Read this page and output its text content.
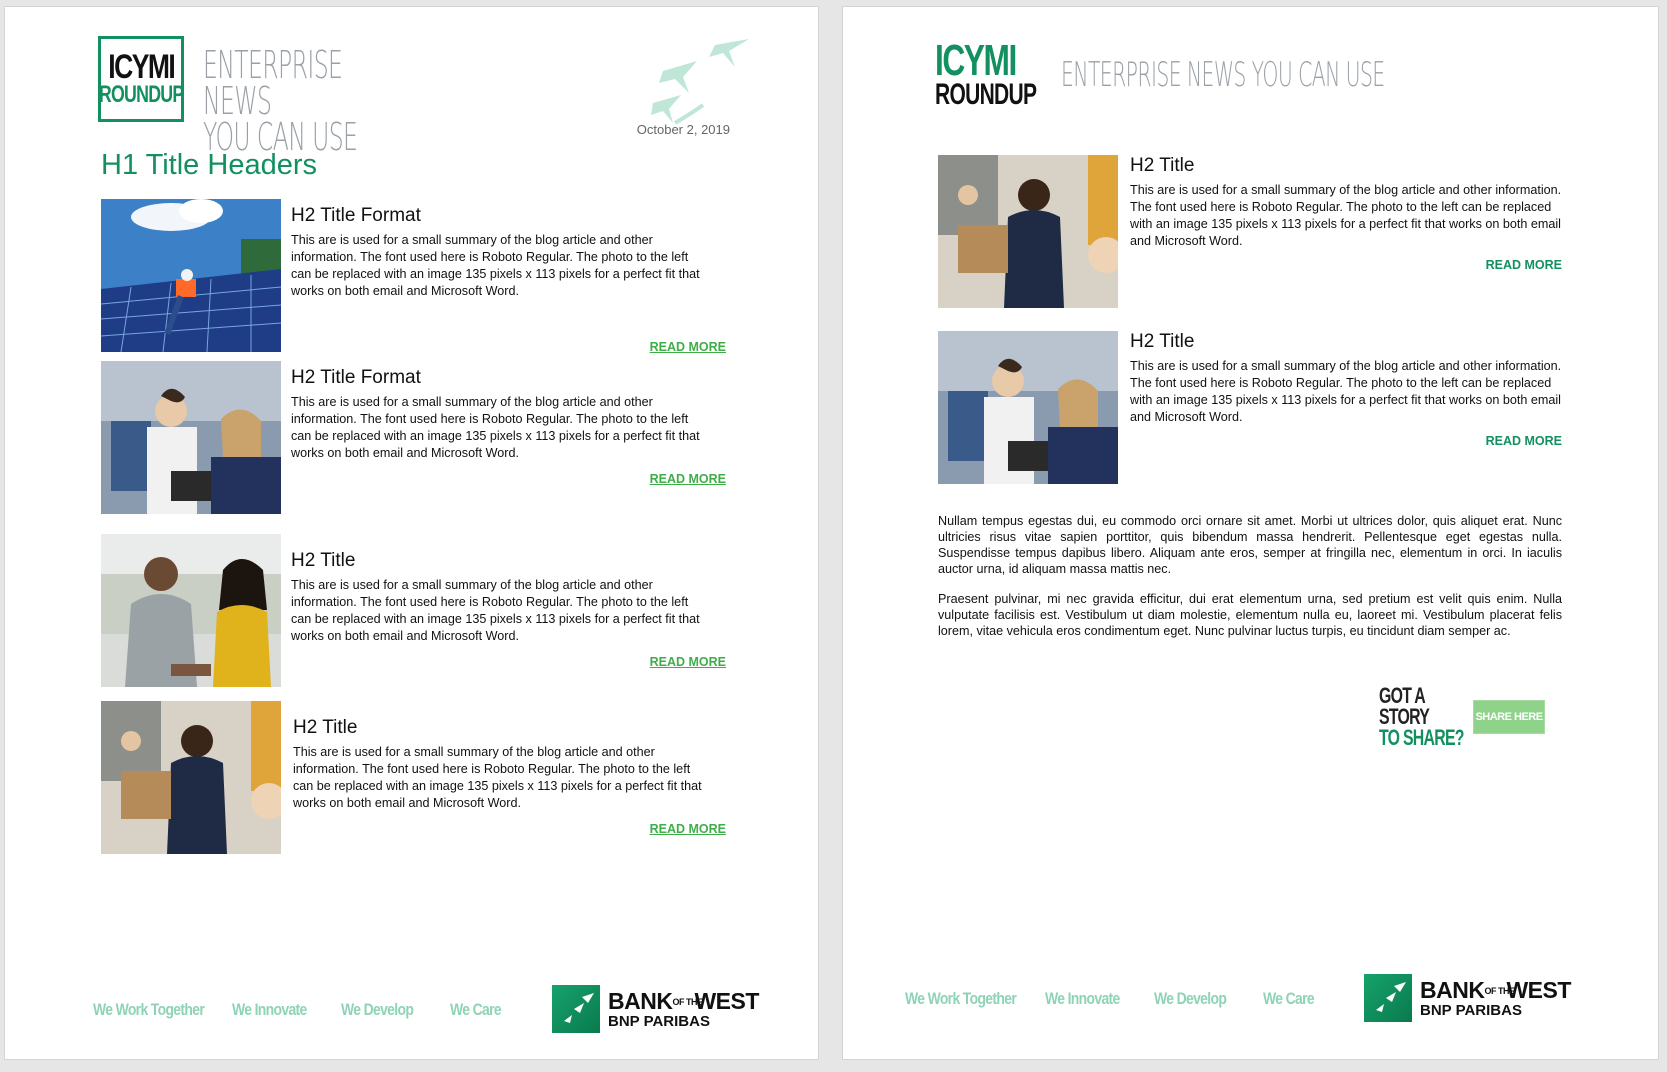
ICYMI
ROUNDUP
ENTERPRISE NEWS
YOU CAN USE	October 2, 2019
H1 Title Headers
H2 Title Format
This are is used for a small summary of the blog article and other information. The font used here is Roboto Regular. The photo to the left can be replaced with an image 135 pixels x 113 pixels for a perfect fit that works on both email and Microsoft Word.
READ MORE
H2 Title Format
This are is used for a small summary of the blog article and other information. The font used here is Roboto Regular. The photo to the left can be replaced with an image 135 pixels x 113 pixels for a perfect fit that works on both email and Microsoft Word.
READ MORE
H2 Title
This are is used for a small summary of the blog article and other information. The font used here is Roboto Regular. The photo to the left can be replaced with an image 135 pixels x 113 pixels for a perfect fit that works on both email and Microsoft Word.
READ MORE
H2 Title
This are is used for a small summary of the blog article and other information. The font used here is Roboto Regular. The photo to the left can be replaced with an image 135 pixels x 113 pixels for a perfect fit that works on both email and Microsoft Word.
READ MORE
We Work Together We Innovate	We Develop	We Care	BANKOF THEWEST
BNP PARIBAS
ICYMI
ROUNDUP ENTERPRISE NEWS YOU CAN USE
H2 Title
This are is used for a small summary of the blog article and other information. The font used here is Roboto Regular. The photo to the left can be replaced with an image 135 pixels x 113 pixels for a perfect fit that works on both email and Microsoft Word.
READ MORE
H2 Title
This are is used for a small summary of the blog article and other information. The font used here is Roboto Regular. The photo to the left can be replaced with an image 135 pixels x 113 pixels for a perfect fit that works on both email and Microsoft Word.
READ MORE

Nullam tempus egestas dui, eu commodo orci ornare sit amet. Morbi ut ultrices dolor, quis aliquet erat. Nunc ultricies risus vitae sapien porttitor, quis bibendum massa hendrerit. Pellentesque eget egestas nulla. Suspendisse tempus dapibus libero. Aliquam ante eros, semper at fringilla nec, elementum in orci. In iaculis auctor urna, id aliquam massa mattis nec.

Praesent pulvinar, mi nec gravida efficitur, dui erat elementum urna, sed pretium est velit quis enim. Nulla vulputate facilisis est. Vestibulum ut diam molestie, elementum nulla eu, laoreet mi. Vestibulum placerat felis lorem, vitae vehicula eros condimentum eget. Nunc pulvinar luctus turpis, eu tincidunt diam semper ac.

GOT A STORY
TO SHARE?
SHARE HERE
We Work Together We Innovate	We Develop	We Care	BANKOF THEWEST
BNP PARIBAS
